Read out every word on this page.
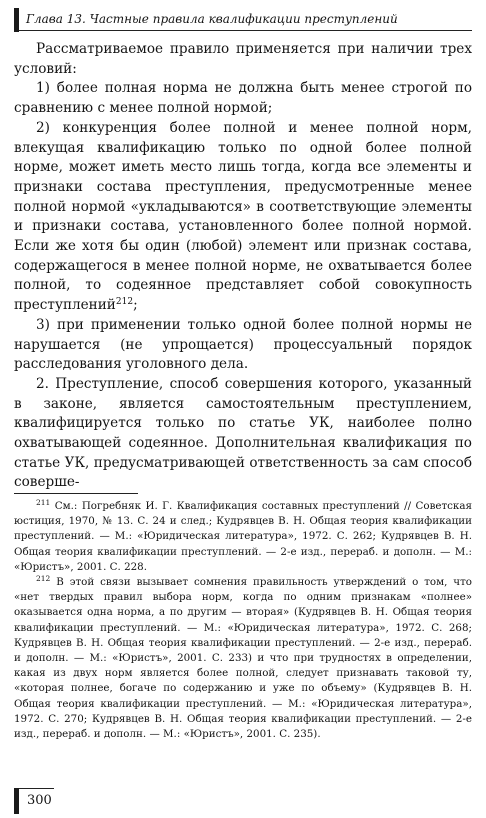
Глава 13. Частные правила квалификации преступлений

Рассматриваемое правило применяется при наличии трех условий:

1) более полная норма не должна быть менее строгой по сравнению с менее полной нормой;

2) конкуренция более полной и менее полной норм, влекущая квалификацию только по одной более полной норме, может иметь место лишь тогда, когда все элементы и признаки состава преступления, предусмотренные менее полной нормой «укладываются» в соответствующие элементы и признаки состава, установленного более полной нормой. Если же хотя бы один (любой) элемент или признак состава, содержащегося в менее полной норме, не охватывается более полной, то содеянное представляет собой совокупность преступлений$^{212}$;

3) при применении только одной более полной нормы не нарушается (не упрощается) процессуальный порядок расследования уголовного дела.

2. Преступление, способ совершения которого, указанный в законе, является самостоятельным преступлением, квалифицируется только по статье УК, наиболее полно охватывающей содеянное. Дополнительная квалификация по статье УК, предусматривающей ответственность за сам способ соверше-

$^{211}$ См.: Погребняк И. Г. Квалификация составных преступлений // Советская юстиция, 1970, № 13. С. 24 и след.; Кудрявцев В. Н. Общая теория квалификации преступлений. — М.: «Юридическая литература», 1972. С. 262; Кудрявцев В. Н. Общая теория квалификации преступлений. — 2-е изд., перераб. и дополн. — М.: «Юристъ», 2001. С. 228.

$^{212}$ В этой связи вызывает сомнения правильность утверждений о том, что «нет твердых правил выбора норм, когда по одним признакам «полнее» оказывается одна норма, а по другим — вторая» (Кудрявцев В. Н. Общая теория квалификации преступлений. — М.: «Юридическая литература», 1972. С. 268; Кудрявцев В. Н. Общая теория квалификации преступлений. — 2-е изд., перераб. и дополн. — М.: «Юристъ», 2001. С. 233) и что при трудностях в определении, какая из двух норм является более полной, следует признавать таковой ту, «которая полнее, богаче по содержанию и уже по объему» (Кудрявцев В. Н. Общая теория квалификации преступлений. — М.: «Юридическая литература», 1972. С. 270; Кудрявцев В. Н. Общая теория квалификации преступлений. — 2-е изд., перераб. и дополн. — М.: «Юристъ», 2001. С. 235).

300
